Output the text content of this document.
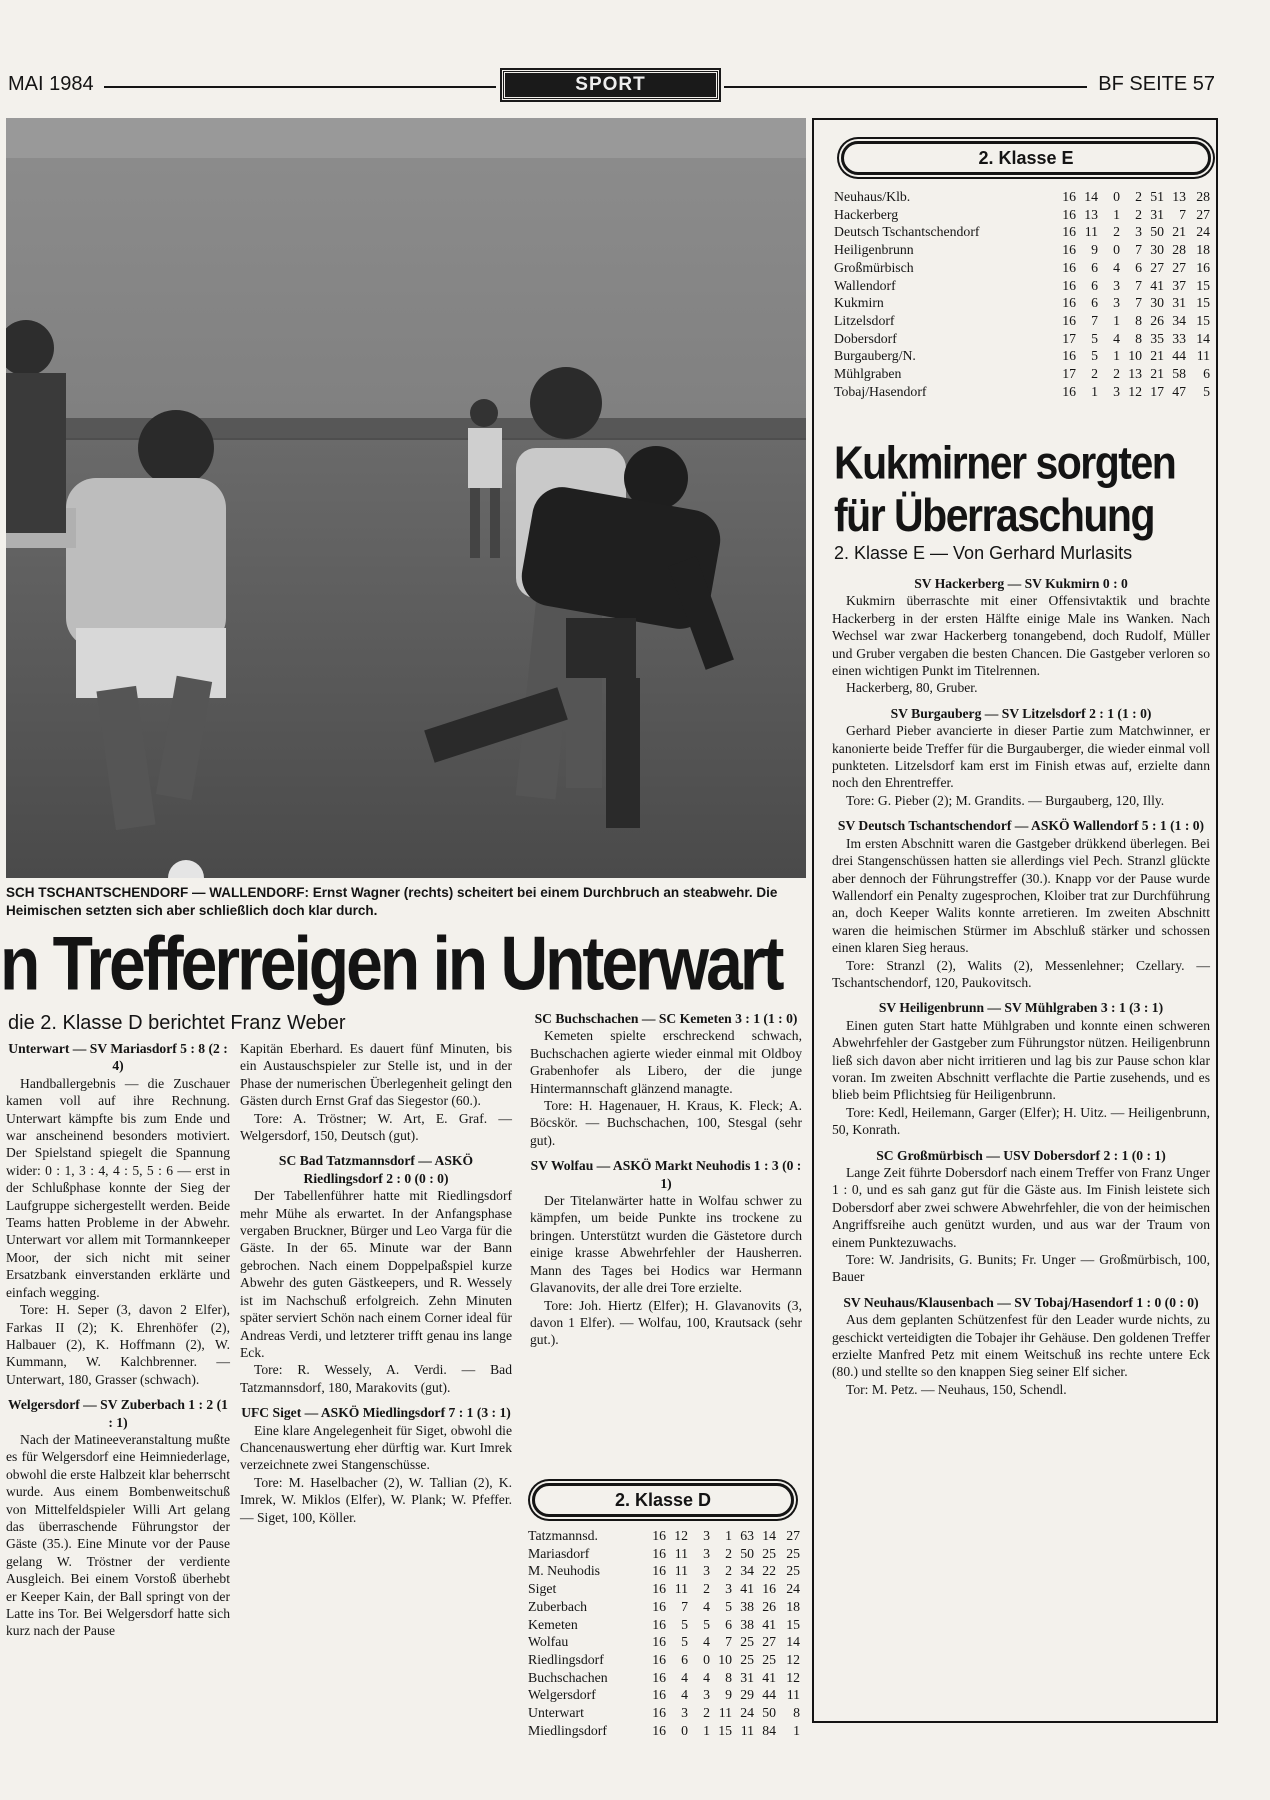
MAI 1984	SPORT	BF SEITE 57
SCH TSCHANTSCHENDORF — WALLENDORF: Ernst Wagner (rechts) scheitert bei einem Durchbruch an steabwehr. Die Heimischen setzten sich aber schließlich doch klar durch.
n Trefferreigen in Unterwart
die 2. Klasse D berichtet Franz Weber

Unterwart — SV Mariasdorf 5 : 8 (2 : 4)

Handballergebnis — die Zuschauer kamen voll auf ihre Rechnung. Unterwart kämpfte bis zum Ende und war anscheinend besonders motiviert. Der Spielstand spiegelt die Spannung wider: 0 : 1, 3 : 4, 4 : 5, 5 : 6 — erst in der Schlußphase konnte der Sieg der Laufgruppe sichergestellt werden. Beide Teams hatten Probleme in der Abwehr. Unterwart vor allem mit Tormannkeeper Moor, der sich nicht mit seiner Ersatzbank einverstanden erklärte und einfach wegging.

Tore: H. Seper (3, davon 2 Elfer), Farkas II (2); K. Ehrenhöfer (2), Halbauer (2), K. Hoffmann (2), W. Kummann, W. Kalchbrenner. — Unterwart, 180, Grasser (schwach).

Welgersdorf — SV Zuberbach 1 : 2 (1 : 1)

Nach der Matineeveranstaltung mußte es für Welgersdorf eine Heimniederlage, obwohl die erste Halbzeit klar beherrscht wurde. Aus einem Bombenweitschuß von Mittelfeldspieler Willi Art gelang das überraschende Führungstor der Gäste (35.). Eine Minute vor der Pause gelang W. Tröstner der verdiente Ausgleich. Bei einem Vorstoß überhebt er Keeper Kain, der Ball springt von der Latte ins Tor. Bei Welgersdorf hatte sich kurz nach der Pause

Kapitän Eberhard. Es dauert fünf Minuten, bis ein Austauschspieler zur Stelle ist, und in der Phase der numerischen Überlegenheit gelingt den Gästen durch Ernst Graf das Siegestor (60.).

Tore: A. Tröstner; W. Art, E. Graf. — Welgersdorf, 150, Deutsch (gut).

SC Bad Tatzmannsdorf — ASKÖ Riedlingsdorf 2 : 0 (0 : 0)

Der Tabellenführer hatte mit Riedlingsdorf mehr Mühe als erwartet. In der Anfangsphase vergaben Bruckner, Bürger und Leo Varga für die Gäste. In der 65. Minute war der Bann gebrochen. Nach einem Doppelpaßspiel kurze Abwehr des guten Gästkeepers, und R. Wessely ist im Nachschuß erfolgreich. Zehn Minuten später serviert Schön nach einem Corner ideal für Andreas Verdi, und letzterer trifft genau ins lange Eck.

Tore: R. Wessely, A. Verdi. — Bad Tatzmannsdorf, 180, Marakovits (gut).

UFC Siget — ASKÖ Miedlingsdorf 7 : 1 (3 : 1)

Eine klare Angelegenheit für Siget, obwohl die Chancenauswertung eher dürftig war. Kurt Imrek verzeichnete zwei Stangenschüsse.

Tore: M. Haselbacher (2), W. Tallian (2), K. Imrek, W. Miklos (Elfer), W. Plank; W. Pfeffer. — Siget, 100, Köller.

SC Buchschachen — SC Kemeten 3 : 1 (1 : 0)

Kemeten spielte erschreckend schwach, Buchschachen agierte wieder einmal mit Oldboy Grabenhofer als Libero, der die junge Hintermannschaft glänzend managte.

Tore: H. Hagenauer, H. Kraus, K. Fleck; A. Böcskör. — Buchschachen, 100, Stesgal (sehr gut).

SV Wolfau — ASKÖ Markt Neuhodis 1 : 3 (0 : 1)

Der Titelanwärter hatte in Wolfau schwer zu kämpfen, um beide Punkte ins trockene zu bringen. Unterstützt wurden die Gästetore durch einige krasse Abwehrfehler der Hausherren. Mann des Tages bei Hodics war Hermann Glavanovits, der alle drei Tore erzielte.

Tore: Joh. Hiertz (Elfer); H. Glavanovits (3, davon 1 Elfer). — Wolfau, 100, Krautsack (sehr gut.).

2. Klasse D
Tatzmannsd.	16	12	3	1	63	14	27
Mariasdorf	16	11	3	2	50	25	25
M. Neuhodis	16	11	3	2	34	22	25
Siget	16	11	2	3	41	16	24
Zuberbach	16	7	4	5	38	26	18
Kemeten	16	5	5	6	38	41	15
Wolfau	16	5	4	7	25	27	14
Riedlingsdorf	16	6	0	10	25	25	12
Buchschachen	16	4	4	8	31	41	12
Welgersdorf	16	4	3	9	29	44	11
Unterwart	16	3	2	11	24	50	8
Miedlingsdorf	16	0	1	15	11	84	1
2. Klasse E
Neuhaus/Klb.	16	14	0	2	51	13	28
Hackerberg	16	13	1	2	31	7	27
Deutsch Tschantschendorf	16	11	2	3	50	21	24
Heiligenbrunn	16	9	0	7	30	28	18
Großmürbisch	16	6	4	6	27	27	16
Wallendorf	16	6	3	7	41	37	15
Kukmirn	16	6	3	7	30	31	15
Litzelsdorf	16	7	1	8	26	34	15
Dobersdorf	17	5	4	8	35	33	14
Burgauberg/N.	16	5	1	10	21	44	11
Mühlgraben	17	2	2	13	21	58	6
Tobaj/Hasendorf	16	1	3	12	17	47	5
Kukmirner sorgten für Überraschung
2. Klasse E — Von Gerhard Murlasits

SV Hackerberg — SV Kukmirn 0 : 0

Kukmirn überraschte mit einer Offensivtaktik und brachte Hackerberg in der ersten Hälfte einige Male ins Wanken. Nach Wechsel war zwar Hackerberg tonangebend, doch Rudolf, Müller und Gruber vergaben die besten Chancen. Die Gastgeber verloren so einen wichtigen Punkt im Titelrennen.

Hackerberg, 80, Gruber.

SV Burgauberg — SV Litzelsdorf 2 : 1 (1 : 0)

Gerhard Pieber avancierte in dieser Partie zum Matchwinner, er kanonierte beide Treffer für die Burgauberger, die wieder einmal voll punkteten. Litzelsdorf kam erst im Finish etwas auf, erzielte dann noch den Ehrentreffer.

Tore: G. Pieber (2); M. Grandits. — Burgauberg, 120, Illy.

SV Deutsch Tschantschendorf — ASKÖ Wallendorf 5 : 1 (1 : 0)

Im ersten Abschnitt waren die Gastgeber drükkend überlegen. Bei drei Stangenschüssen hatten sie allerdings viel Pech. Stranzl glückte aber dennoch der Führungstreffer (30.). Knapp vor der Pause wurde Wallendorf ein Penalty zugesprochen, Kloiber trat zur Durchführung an, doch Keeper Walits konnte arretieren. Im zweiten Abschnitt waren die heimischen Stürmer im Abschluß stärker und schossen einen klaren Sieg heraus.

Tore: Stranzl (2), Walits (2), Messenlehner; Czellary. — Tschantschendorf, 120, Paukovitsch.

SV Heiligenbrunn — SV Mühlgraben 3 : 1 (3 : 1)

Einen guten Start hatte Mühlgraben und konnte einen schweren Abwehrfehler der Gastgeber zum Führungstor nützen. Heiligenbrunn ließ sich davon aber nicht irritieren und lag bis zur Pause schon klar voran. Im zweiten Abschnitt verflachte die Partie zusehends, und es blieb beim Pflichtsieg für Heiligenbrunn.

Tore: Kedl, Heilemann, Garger (Elfer); H. Uitz. — Heiligenbrunn, 50, Konrath.

SC Großmürbisch — USV Dobersdorf 2 : 1 (0 : 1)

Lange Zeit führte Dobersdorf nach einem Treffer von Franz Unger 1 : 0, und es sah ganz gut für die Gäste aus. Im Finish leistete sich Dobersdorf aber zwei schwere Abwehrfehler, die von der heimischen Angriffsreihe auch genützt wurden, und aus war der Traum von einem Punktezuwachs.

Tore: W. Jandrisits, G. Bunits; Fr. Unger — Großmürbisch, 100, Bauer

SV Neuhaus/Klausenbach — SV Tobaj/Hasendorf 1 : 0 (0 : 0)

Aus dem geplanten Schützenfest für den Leader wurde nichts, zu geschickt verteidigten die Tobajer ihr Gehäuse. Den goldenen Treffer erzielte Manfred Petz mit einem Weitschuß ins rechte untere Eck (80.) und stellte so den knappen Sieg seiner Elf sicher.

Tor: M. Petz. — Neuhaus, 150, Schendl.
